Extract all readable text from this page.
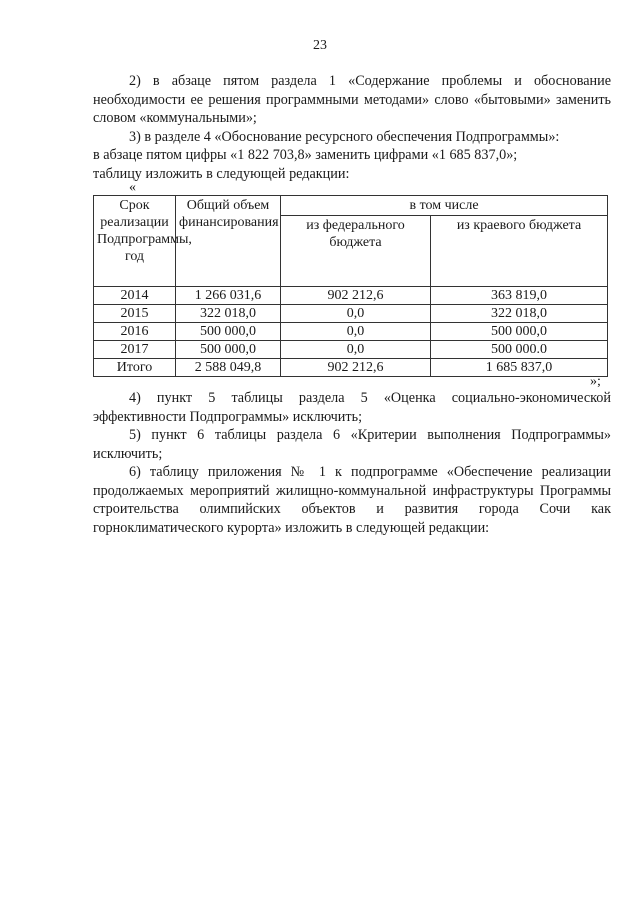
23

2) в абзаце пятом раздела 1 «Содержание проблемы и обоснование необходимости ее решения программными методами» слово «бытовыми» заменить словом «коммунальными»;

3) в разделе 4 «Обоснование ресурсного обеспечения Подпрограммы»:

в абзаце пятом цифры «1 822 703,8» заменить цифрами «1 685 837,0»;

таблицу изложить в следующей редакции:

«
Срок реализации Подпрограммы, год	Общий объем финансирования	в том числе	
		из федерального бюджета	из краевого бюджета
2014	1 266 031,6	902 212,6	363 819,0
2015	322 018,0	0,0	322 018,0
2016	500 000,0	0,0	500 000,0
2017	500 000,0	0,0	500 000.0
Итого	2 588 049,8	902 212,6	1 685 837,0
»;

4) пункт 5 таблицы раздела 5 «Оценка социально-экономической эффективности Подпрограммы» исключить;

5) пункт 6 таблицы раздела 6 «Критерии выполнения Подпрограммы» исключить;

6) таблицу приложения № 1 к подпрограмме «Обеспечение реализации продолжаемых мероприятий жилищно-коммунальной инфраструктуры Программы строительства олимпийских объектов и развития города Сочи как горноклиматического курорта» изложить в следующей редакции:
